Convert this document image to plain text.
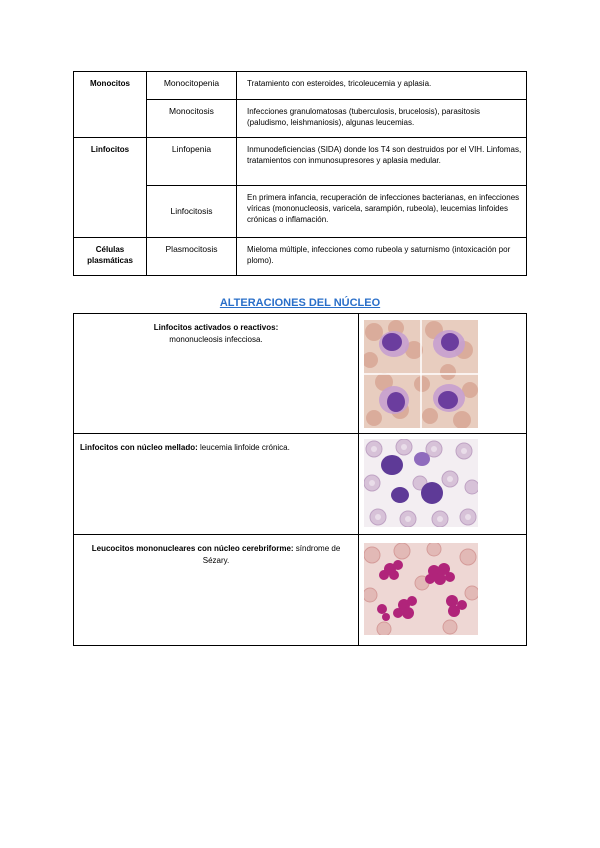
Monocitos	Monocitopenia	Tratamiento con esteroides, tricoleucemia y aplasia.
	Monocitosis	Infecciones granulomatosas (tuberculosis, brucelosis), parasitosis (paludismo, leishmaniosis), algunas leucemias.
Linfocitos	Linfopenia	Inmunodeficiencias (SIDA) donde los T4 son destruidos por el VIH. Linfomas, tratamientos con inmunosupresores y aplasia medular.
	Linfocitosis	En primera infancia, recuperación de infecciones bacterianas, en infecciones víricas (mononucleosis, varicela, sarampión, rubeola), leucemias linfoides crónicas o inflamación.
Células plasmáticas	Plasmocitosis	Mieloma múltiple, infecciones como rubeola y saturnismo (intoxicación por plomo).
ALTERACIONES DEL NÚCLEO
Linfocitos activados o reactivos:
mononucleosis infecciosa.	

Linfocitos con núcleo mellado: leucemia linfoide crónica.	

Leucocitos mononucleares con núcleo cerebriforme: síndrome de Sézary.	
